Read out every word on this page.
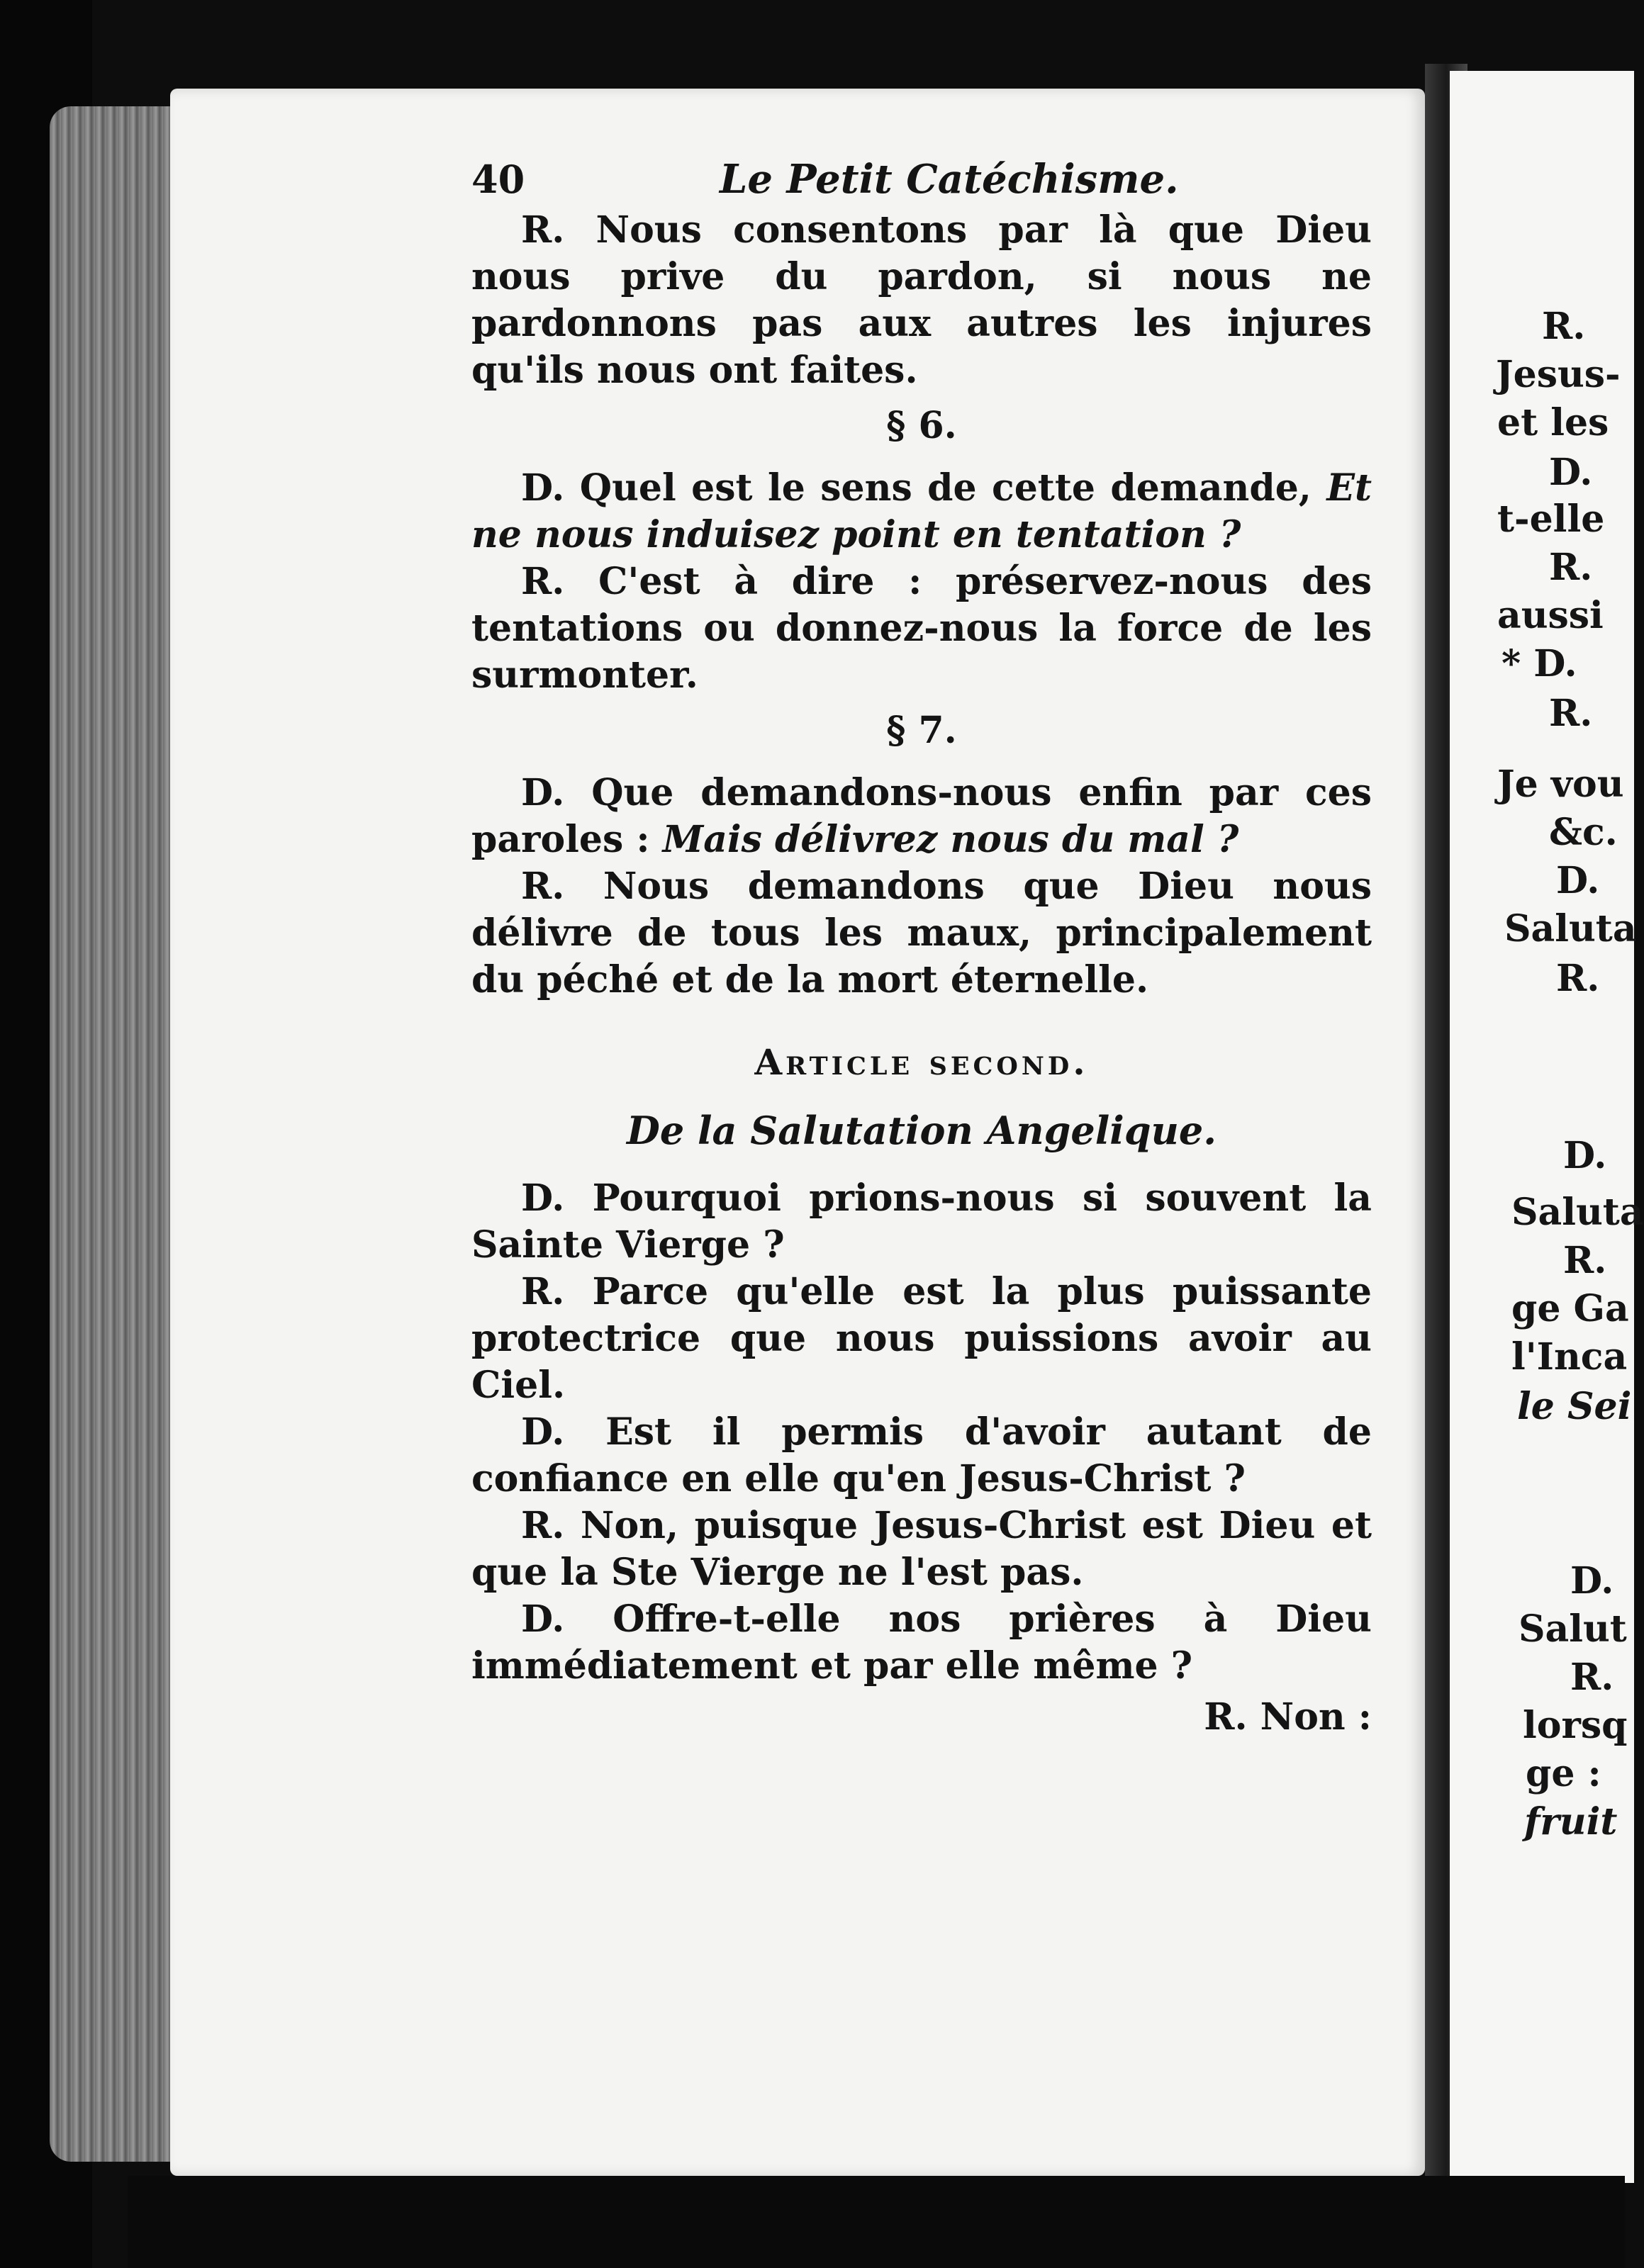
40	Le Petit Catéchisme.

R. Nous consentons par là que Dieu nous prive du pardon, si nous ne pardonnons pas aux autres les injures qu'ils nous ont faites.

§ 6.

D. Quel est le sens de cette demande, Et ne nous induisez point en tentation ?

R. C'est à dire : préservez-nous des tentations ou donnez-nous la force de les surmonter.

§ 7.

D. Que demandons-nous enfin par ces paroles : Mais délivrez nous du mal ?

R. Nous demandons que Dieu nous délivre de tous les maux, principalement du péché et de la mort éternelle.

Article second.
De la Salutation Angelique.

D. Pourquoi prions-nous si souvent la Sainte Vierge ?

R. Parce qu'elle est la plus puissante protectrice que nous puissions avoir au Ciel.

D. Est il permis d'avoir autant de confiance en elle qu'en Jesus-Christ ?

R. Non, puisque Jesus-Christ est Dieu et que la Ste Vierge ne l'est pas.

D. Offre-t-elle nos prières à Dieu immédiatement et par elle même ?

R. Non :
R.
Jesus-
et les
D.
t-elle
R.
aussi
* D.
R.
Je vou
&c.
D.
Saluta
R.
D.
Saluta
R.
ge Ga
l'Inca
le Sei
D.
Salut
R.
lorsq
ge :
fruit
